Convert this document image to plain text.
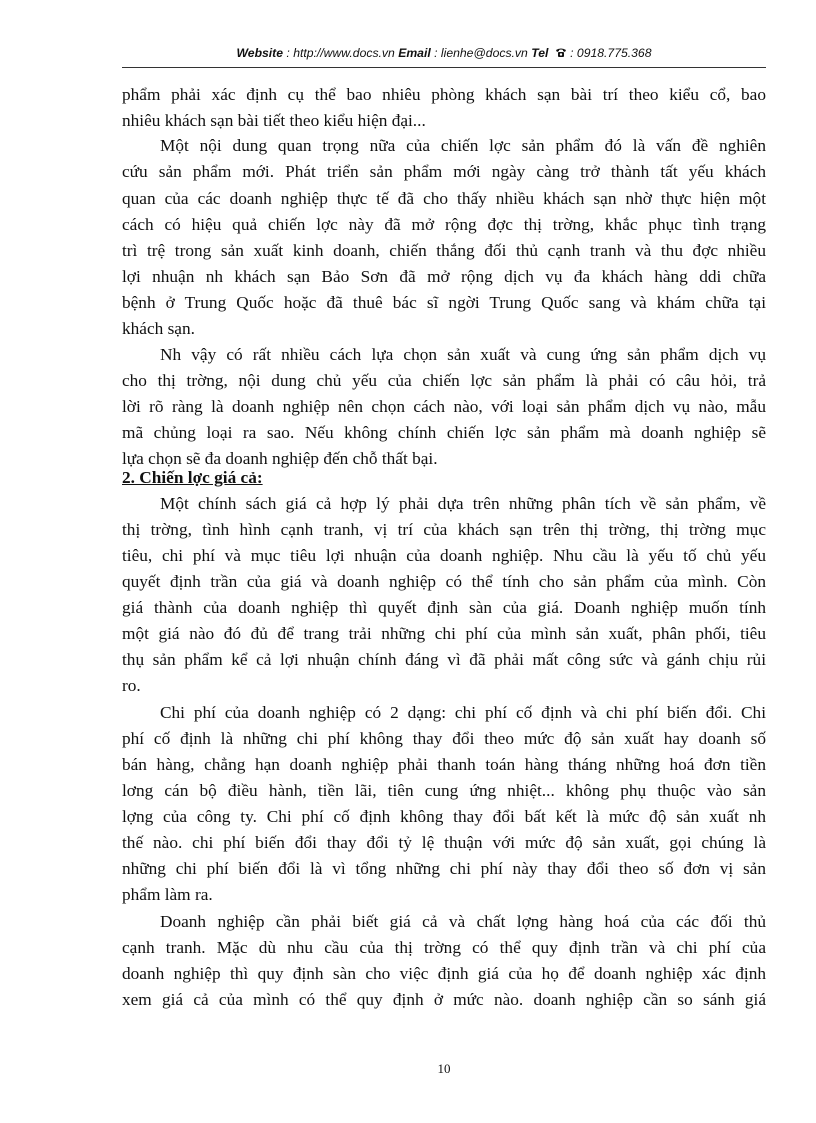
Website : http://www.docs.vn Email : lienhe@docs.vn Tel : 0918.775.368
phẩm phải xác định cụ thể bao nhiêu phòng khách sạn bài trí theo kiểu cổ, bao
nhiêu khách sạn bài tiết theo kiểu hiện đại...
Một nội dung quan trọng nữa của chiến lợc sản phẩm đó là vấn đề nghiên
cứu sản phẩm mới. Phát triển sản phẩm mới ngày càng trở thành tất yếu khách
quan của các doanh nghiệp thực tế đã cho thấy nhiều khách sạn nhờ thực hiện một
cách có hiệu quả chiến lợc này đã mở rộng đợc thị trờng, khắc phục tình trạng
trì trệ trong sản xuất kinh doanh, chiến thắng đối thủ cạnh tranh và thu đợc nhiều
lợi nhuận nh khách sạn Bảo Sơn đã mở rộng dịch vụ đa khách hàng ddi chữa
bệnh ở Trung Quốc hoặc đã thuê bác sĩ ngời Trung Quốc sang và khám chữa tại
khách sạn.
Nh vậy có rất nhiều cách lựa chọn sản xuất và cung ứng sản phẩm dịch vụ
cho thị trờng, nội dung chủ yếu của chiến lợc sản phẩm là phải có câu hỏi, trả
lời rõ ràng là doanh nghiệp nên chọn cách nào, với loại sản phẩm dịch vụ nào, mẫu
mã chủng loại ra sao. Nếu không chính chiến lợc sản phẩm mà doanh nghiệp sẽ
lựa chọn sẽ đa doanh nghiệp đến chỗ thất bại.
2. Chiến lợc giá cả:
Một chính sách giá cả hợp lý phải dựa trên những phân tích về sản phẩm, về
thị trờng, tình hình cạnh tranh, vị trí của khách sạn trên thị trờng, thị trờng mục
tiêu, chi phí và mục tiêu lợi nhuận của doanh nghiệp. Nhu cầu là yếu tố chủ yếu
quyết định trần của giá và doanh nghiệp có thể tính cho sản phẩm của mình. Còn
giá thành của doanh nghiệp thì quyết định sàn của giá. Doanh nghiệp muốn tính
một giá nào đó đủ để trang trải những chi phí của mình sản xuất, phân phối, tiêu
thụ sản phẩm kể cả lợi nhuận chính đáng vì đã phải mất công sức và gánh chịu rủi
ro.
Chi phí của doanh nghiệp có 2 dạng: chi phí cố định và chi phí biến đổi. Chi
phí cố định là những chi phí không thay đổi theo mức độ sản xuất hay doanh số
bán hàng, chẳng hạn doanh nghiệp phải thanh toán hàng tháng những hoá đơn tiền
lơng cán bộ điều hành, tiền lãi, tiên cung ứng nhiệt... không phụ thuộc vào sản
lợng của công ty. Chi phí cố định không thay đổi bất kết là mức độ sản xuất nh
thế nào. chi phí biến đổi thay đổi tỷ lệ thuận với mức độ sản xuất, gọi chúng là
những chi phí biến đổi là vì tổng những chi phí này thay đổi theo số đơn vị sản
phẩm làm ra.
Doanh nghiệp cần phải biết giá cả và chất lợng hàng hoá của các đối thủ
cạnh tranh. Mặc dù nhu cầu của thị trờng có thể quy định trần và chi phí của
doanh nghiệp thì quy định sàn cho việc định giá của họ để doanh nghiệp xác định
xem giá cả của mình có thể quy định ở mức nào. doanh nghiệp cần so sánh giá
10
